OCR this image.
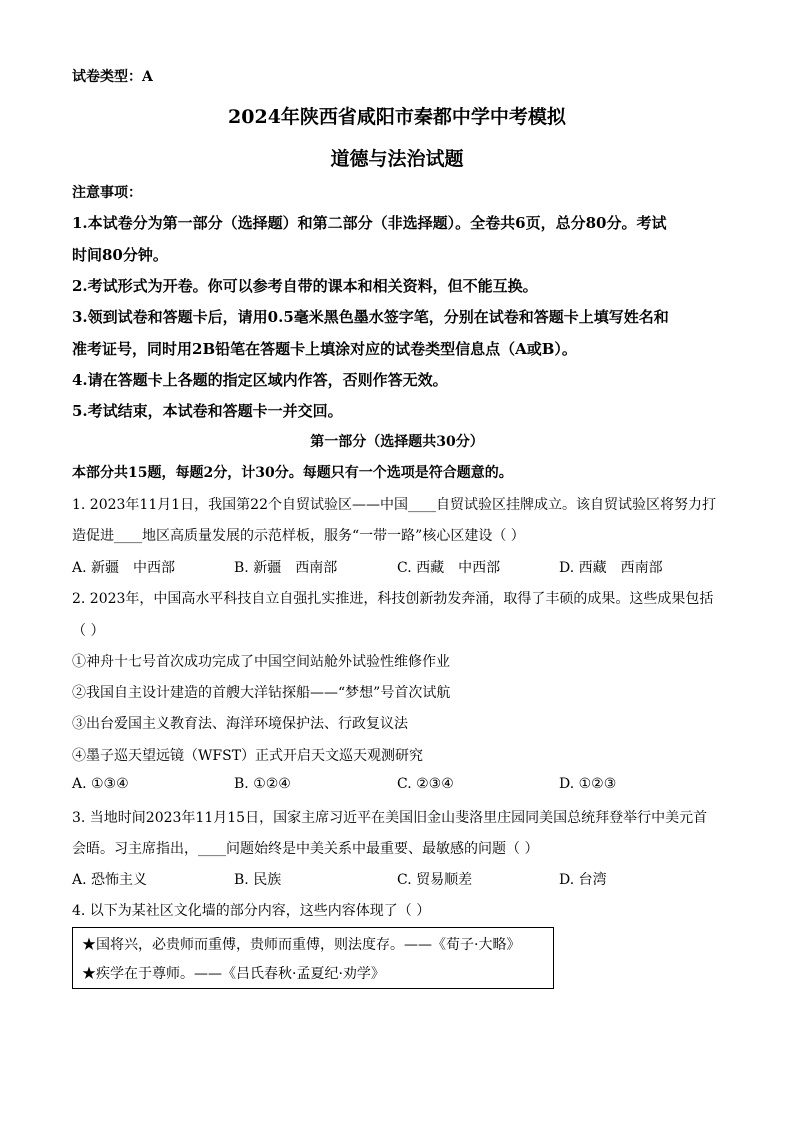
试卷类型：A
2024年陕西省咸阳市秦都中学中考模拟
道德与法治试题
注意事项：
1.本试卷分为第一部分（选择题）和第二部分（非选择题）。全卷共6页，总分80分。考试
时间80分钟。
2.考试形式为开卷。你可以参考自带的课本和相关资料，但不能互换。
3.领到试卷和答题卡后，请用0.5毫米黑色墨水签字笔，分别在试卷和答题卡上填写姓名和
准考证号，同时用2B铅笔在答题卡上填涂对应的试卷类型信息点（A或B）。
4.请在答题卡上各题的指定区域内作答，否则作答无效。
5.考试结束，本试卷和答题卡一并交回。
第一部分（选择题共30分）
本部分共15题，每题2分，计30分。每题只有一个选项是符合题意的。
1. 2023年11月1日，我国第22个自贸试验区——中国____自贸试验区挂牌成立。该自贸试验区将努力打
造促进____地区高质量发展的示范样板，服务“一带一路”核心区建设（ ）
A. 新疆　中西部	B. 新疆　西南部	C. 西藏　中西部	D. 西藏　西南部
2. 2023年，中国高水平科技自立自强扎实推进，科技创新勃发奔涌，取得了丰硕的成果。这些成果包括
（ ）
①神舟十七号首次成功完成了中国空间站舱外试验性维修作业
②我国自主设计建造的首艘大洋钻探船——“梦想”号首次试航
③出台爱国主义教育法、海洋环境保护法、行政复议法
④墨子巡天望远镜（WFST）正式开启天文巡天观测研究
A. ①③④	B. ①②④	C. ②③④	D. ①②③
3. 当地时间2023年11月15日，国家主席习近平在美国旧金山斐洛里庄园同美国总统拜登举行中美元首
会晤。习主席指出，____问题始终是中美关系中最重要、最敏感的问题（ ）
A. 恐怖主义	B. 民族	C. 贸易顺差	D. 台湾
4. 以下为某社区文化墙的部分内容，这些内容体现了（ ）
★国将兴，必贵师而重傅，贵师而重傅，则法度存。——《荀子·大略》
★疾学在于尊师。——《吕氏春秋·孟夏纪·劝学》
